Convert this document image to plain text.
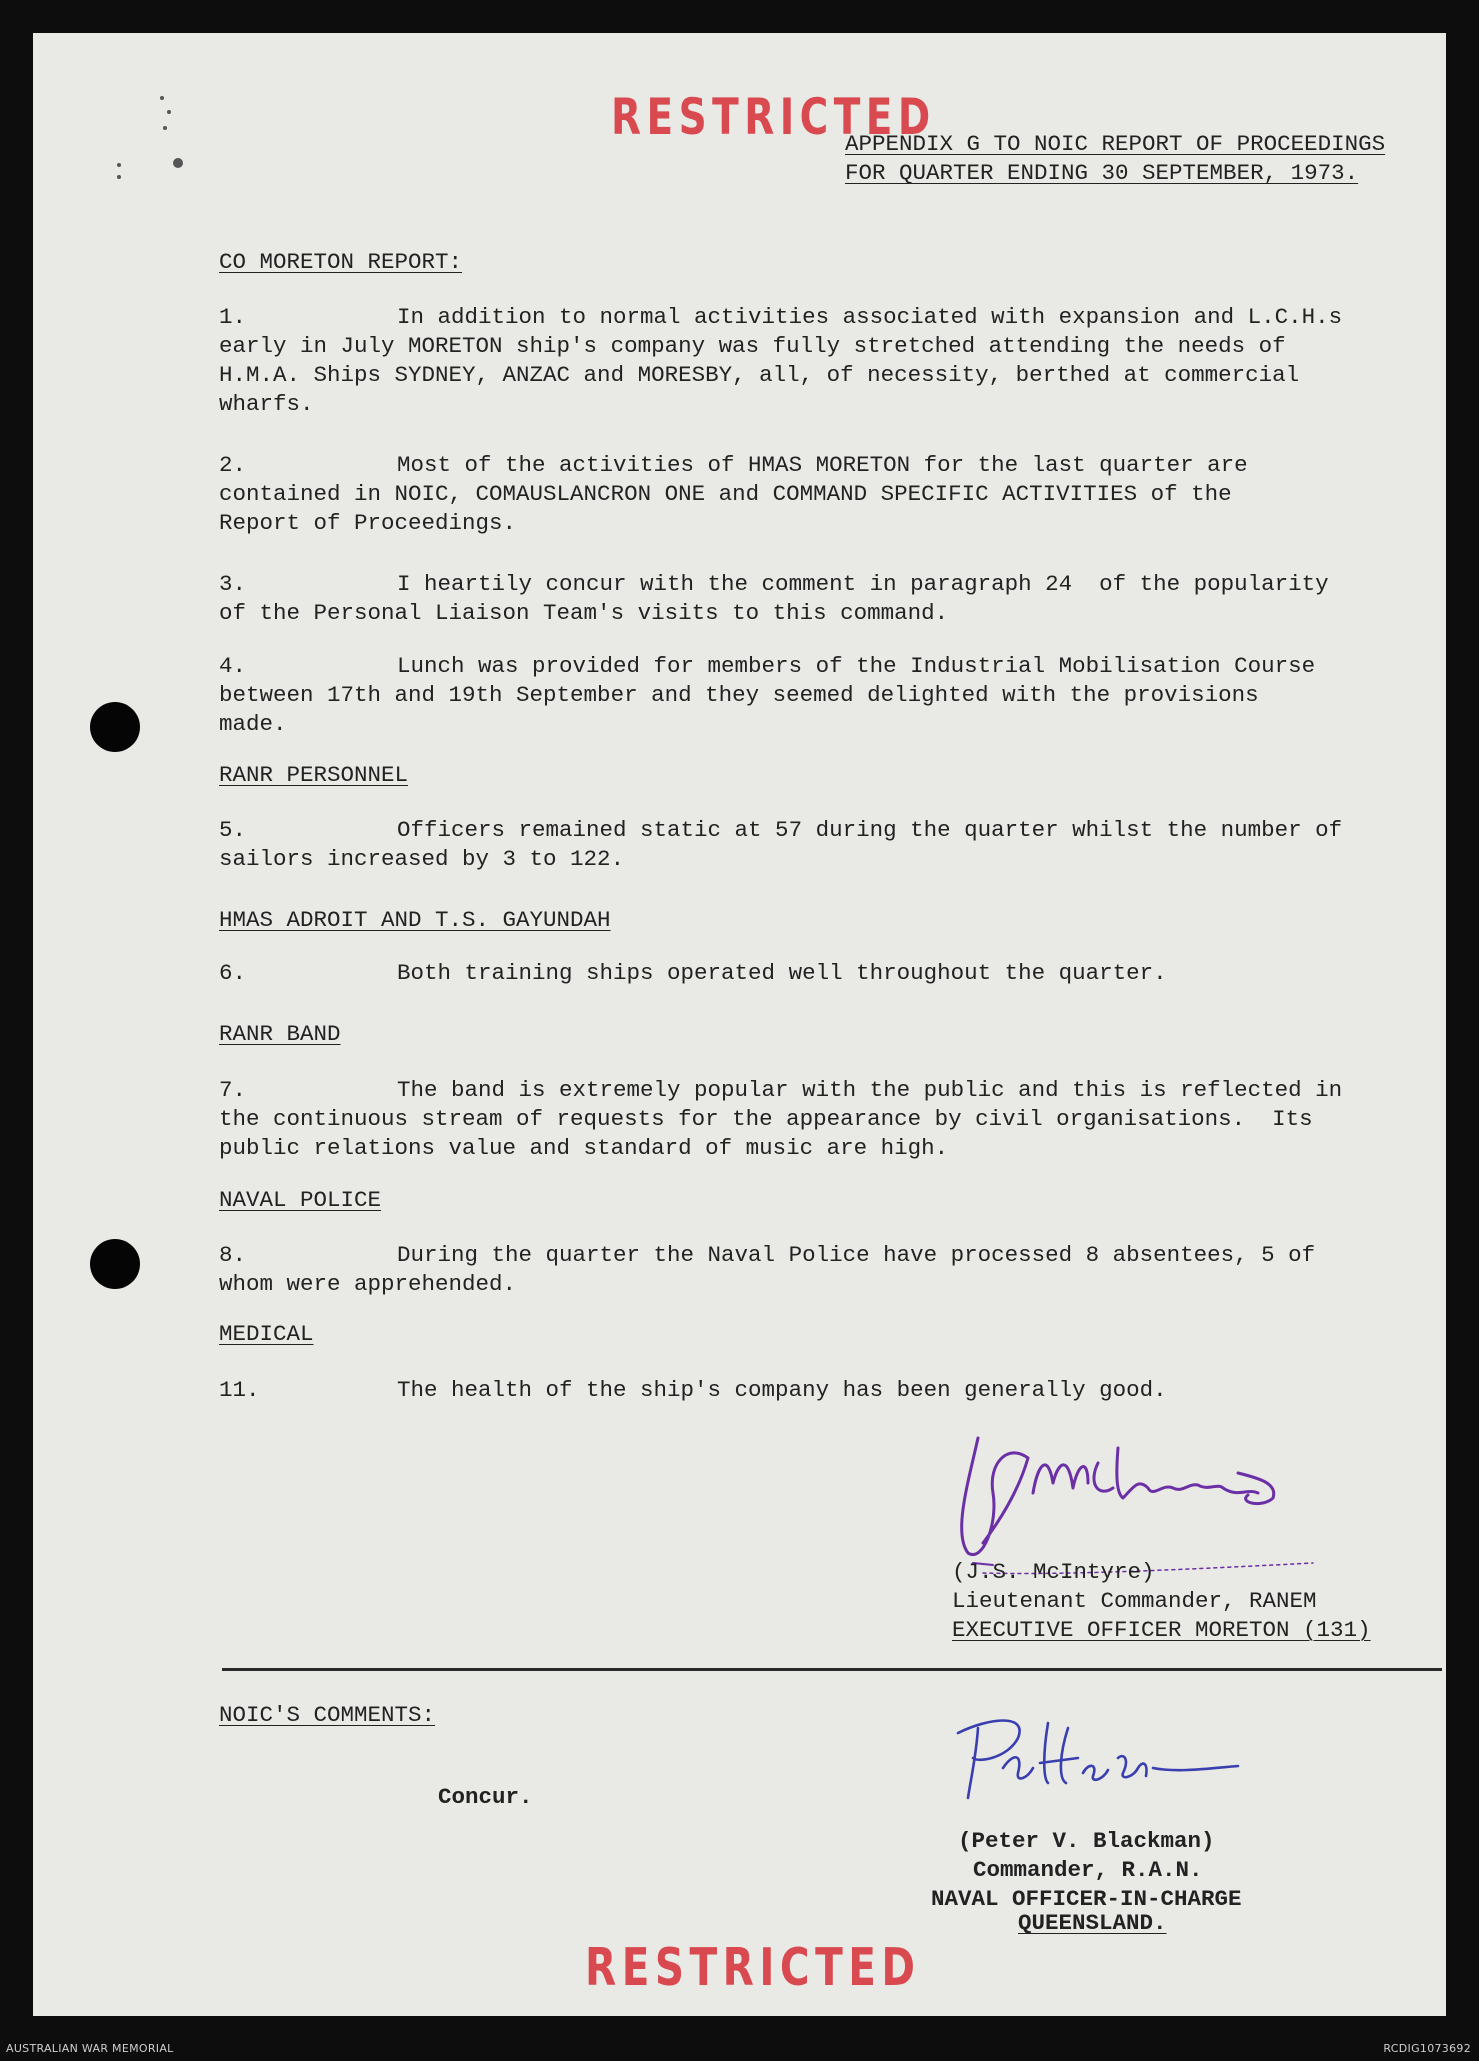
RESTRICTED
APPENDIX G TO NOIC REPORT OF PROCEEDINGS
FOR QUARTER ENDING 30 SEPTEMBER, 1973.
CO MORETON REPORT:
1.	In addition to normal activities associated with expansion and L.C.H.s
early in July MORETON ship's company was fully stretched attending the needs of
H.M.A. Ships SYDNEY, ANZAC and MORESBY, all, of necessity, berthed at commercial
wharfs.
2.	Most of the activities of HMAS MORETON for the last quarter are
contained in NOIC, COMAUSLANCRON ONE and COMMAND SPECIFIC ACTIVITIES of the
Report of Proceedings.
3.	I heartily concur with the comment in paragraph 24  of the popularity
of the Personal Liaison Team's visits to this command.
4.	Lunch was provided for members of the Industrial Mobilisation Course
between 17th and 19th September and they seemed delighted with the provisions
made.
RANR PERSONNEL
5.	Officers remained static at 57 during the quarter whilst the number of
sailors increased by 3 to 122.
HMAS ADROIT AND T.S. GAYUNDAH
6.	Both training ships operated well throughout the quarter.
RANR BAND
7.	The band is extremely popular with the public and this is reflected in
the continuous stream of requests for the appearance by civil organisations.  Its
public relations value and standard of music are high.
NAVAL POLICE
8.	During the quarter the Naval Police have processed 8 absentees, 5 of
whom were apprehended.
MEDICAL
11.	The health of the ship's company has been generally good.
(J.S. McIntyre)
Lieutenant Commander, RANEM
EXECUTIVE OFFICER MORETON (131)
NOIC'S COMMENTS:
Concur.
(Peter V. Blackman)
Commander, R.A.N.
NAVAL OFFICER-IN-CHARGE
QUEENSLAND.
RESTRICTED
AUSTRALIAN WAR MEMORIAL	RCDIG1073692
